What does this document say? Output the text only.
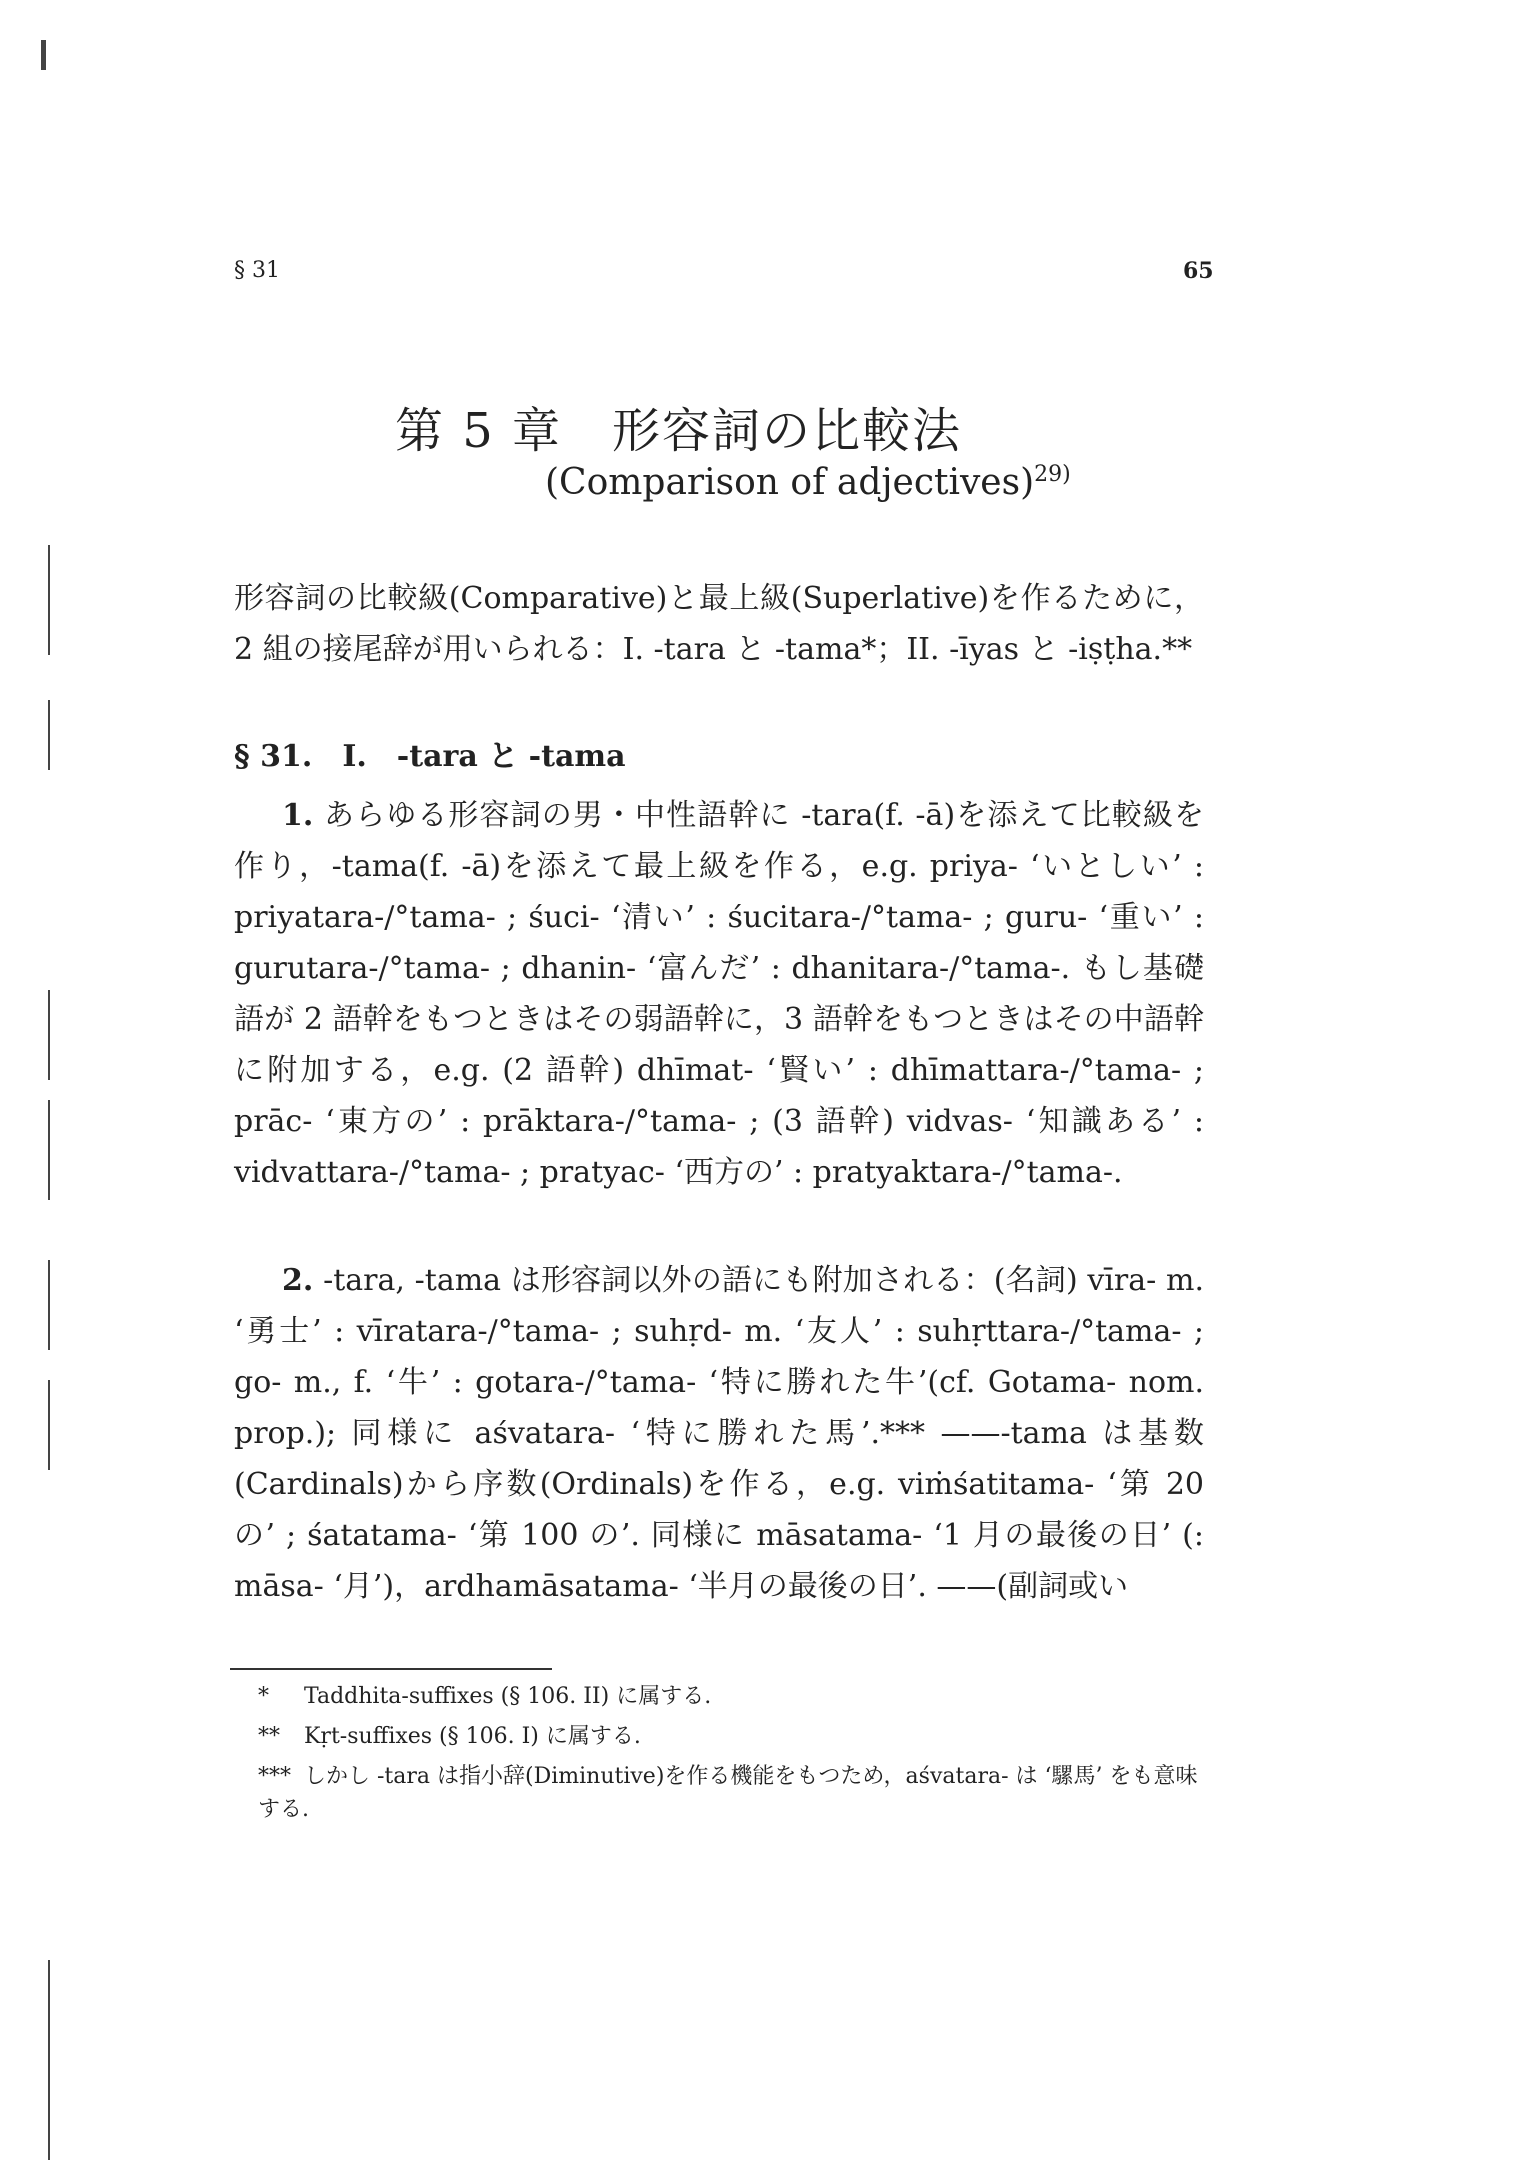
§ 31	65
第 5 章　形容詞の比較法
(Comparison of adjectives)$^{29)}$
形容詞の比較級(Comparative)と最上級(Superlative)を作るために，2 組の接尾辞が用いられる：I. -tara と -tama*；II. -īyas と -iṣṭha.**
§ 31.　I.　-tara と -tama
1. あらゆる形容詞の男・中性語幹に -tara(f. -ā)を添えて比較級を作り，-tama(f. -ā)を添えて最上級を作る，e.g. priya- ‘いとしい’ : priyatara-/°tama- ; śuci- ‘清い’ : śucitara-/°tama- ; guru- ‘重い’ : gurutara-/°tama- ; dhanin- ‘富んだ’ : dhanitara-/°tama-. もし基礎語が 2 語幹をもつときはその弱語幹に，3 語幹をもつときはその中語幹に附加する，e.g. (2 語幹) dhīmat- ‘賢い’ : dhīmattara-/°tama- ; prāc- ‘東方の’ : prāktara-/°tama- ; (3 語幹) vidvas- ‘知識ある’ : vidvattara-/°tama- ; pratyac- ‘西方の’ : pratyaktara-/°tama-.
2. -tara, -tama は形容詞以外の語にも附加される：(名詞) vīra- m. ‘勇士’ : vīratara-/°tama- ; suhṛd- m. ‘友人’ : suhṛttara-/°tama- ; go- m., f. ‘牛’ : gotara-/°tama- ‘特に勝れた牛’(cf. Gotama- nom. prop.); 同様に aśvatara- ‘特に勝れた馬’.*** ——-tama は基数(Cardinals)から序数(Ordinals)を作る，e.g. viṁśatitama- ‘第 20 の’ ; śatatama- ‘第 100 の’. 同様に māsatama- ‘1 月の最後の日’ (: māsa- ‘月’)，ardhamāsatama- ‘半月の最後の日’. ——(副詞或い
* Taddhita-suffixes (§ 106. II) に属する.
** Kṛt-suffixes (§ 106. I) に属する.
*** しかし -tara は指小辞(Diminutive)を作る機能をもつため，aśvatara- は ‘騾馬’ をも意味する.
